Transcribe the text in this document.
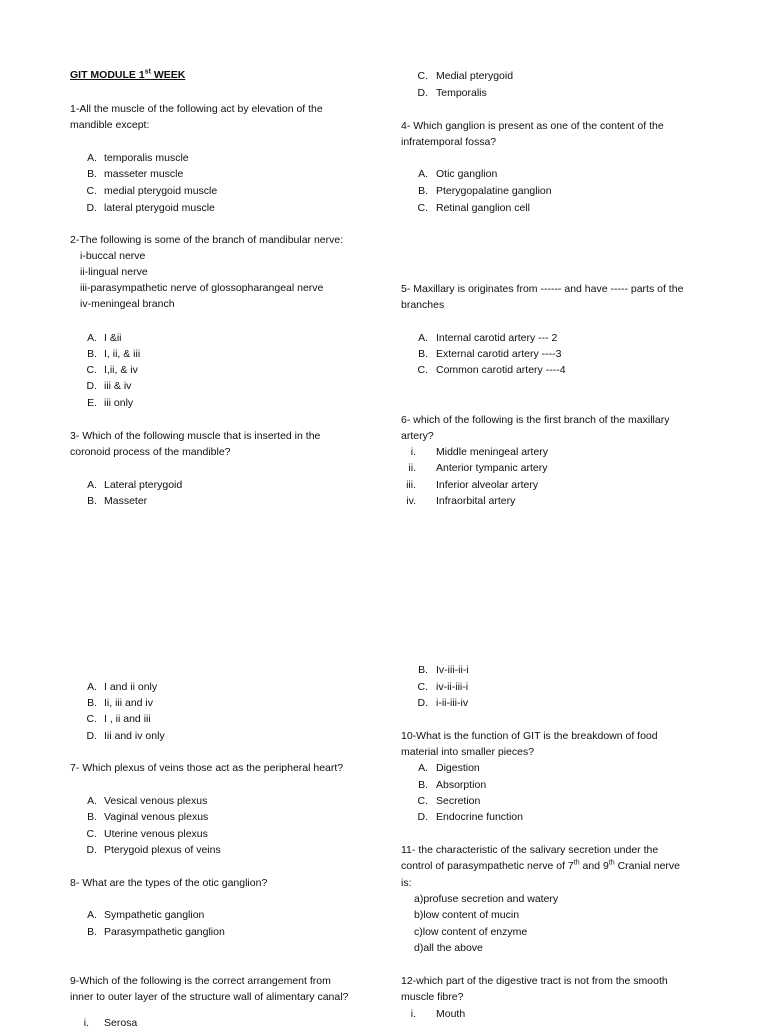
GIT MODULE 1st WEEK
1-All the muscle of the following act by elevation of the
mandible except:
A. temporalis muscle
B. masseter muscle
C. medial pterygoid muscle
D. lateral pterygoid muscle
2-The following is some of the branch of mandibular nerve:
i-buccal nerve
ii-lingual nerve
iii-parasympathetic nerve of glossopharangeal nerve
iv-meningeal branch
A. I &ii
B. I, ii, & iii
C. I,ii, & iv
D. iii & iv
E. iii only
3- Which of the following muscle that is inserted in the
coronoid process of the mandible?
A. Lateral pterygoid
B. Masseter
A. I and ii only
B. Ii, iii and iv
C. I , ii and iii
D. Iii and iv only
7- Which plexus of veins those act as the peripheral heart?
A. Vesical venous plexus
B. Vaginal venous plexus
C. Uterine venous plexus
D. Pterygoid plexus of veins
8- What are the types of the otic ganglion?
A. Sympathetic ganglion
B. Parasympathetic ganglion
9-Which of the following is the correct arrangement from
inner to outer layer of the structure wall of alimentary canal?
i. Serosa
C. Medial pterygoid
D. Temporalis
4- Which ganglion is present as one of the content of the
infratemporal fossa?
A. Otic ganglion
B. Pterygopalatine ganglion
C. Retinal ganglion cell
5- Maxillary is originates from ------ and have ----- parts of the
branches
A. Internal carotid artery --- 2
B. External carotid artery ----3
C. Common carotid artery ----4
6- which of the following is the first branch of the maxillary
artery?
i. Middle meningeal artery
ii. Anterior tympanic artery
iii. Inferior alveolar artery
iv. Infraorbital artery
B. Iv-iii-ii-i
C. iv-ii-iii-i
D. i-ii-iii-iv
10-What is the function of GIT is the breakdown of food
material into smaller pieces?
A. Digestion
B. Absorption
C. Secretion
D. Endocrine function
11- the characteristic of the salivary secretion under the
control of parasympathetic nerve of 7th and 9th Cranial nerve
is:
a)profuse secretion and watery
b)low content of mucin
c)low content of enzyme
d)all the above
12-which part of the digestive tract is not from the smooth
muscle fibre?
i. Mouth
